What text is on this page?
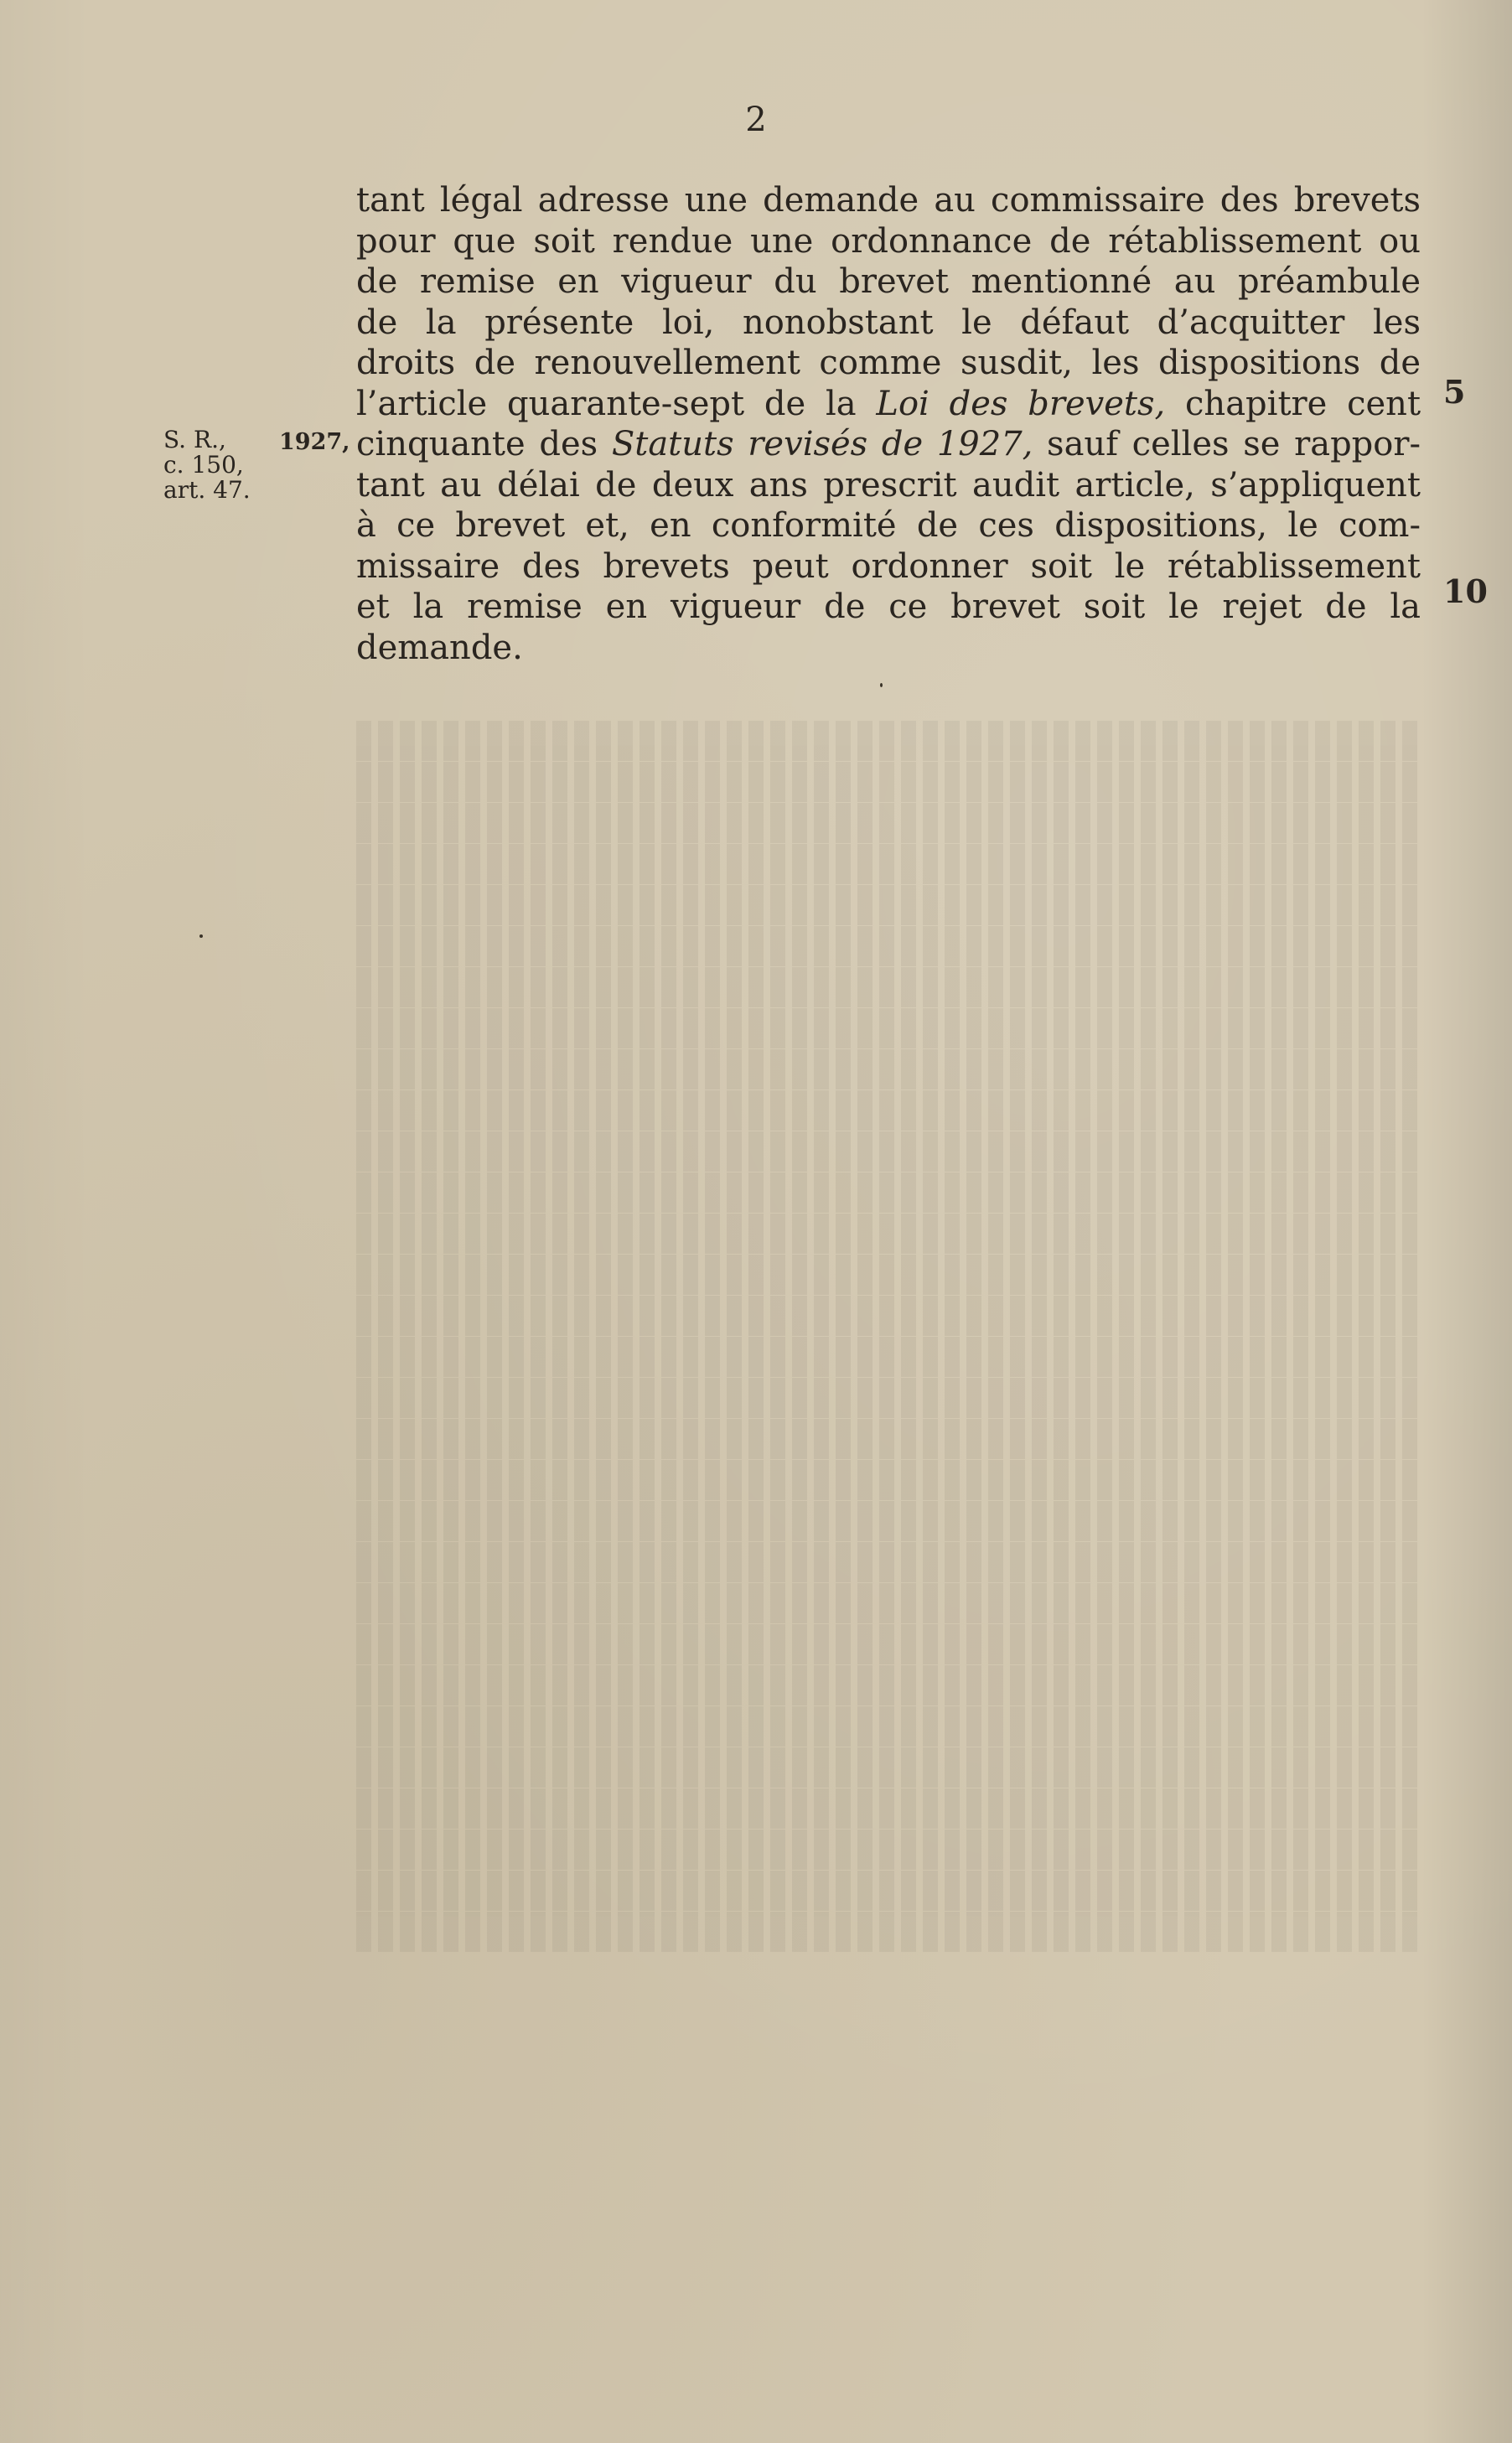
2
tant légal adresse une demande au commissaire des brevets
pour que soit rendue une ordonnance de rétablissement ou
de remise en vigueur du brevet mentionné au préambule
de la présente loi, nonobstant le défaut d’acquitter les
droits de renouvellement comme susdit, les dispositions de
l’article quarante-sept de la Loi des brevets, chapitre cent
cinquante des Statuts revisés de 1927, sauf celles se rappor-
tant au délai de deux ans prescrit audit article, s’appliquent
à ce brevet et, en conformité de ces dispositions, le com-
missaire des brevets peut ordonner soit le rétablissement
et la remise en vigueur de ce brevet soit le rejet de la
demande.
S. R.,
c. 150,
art. 47.
1927,
5
10
